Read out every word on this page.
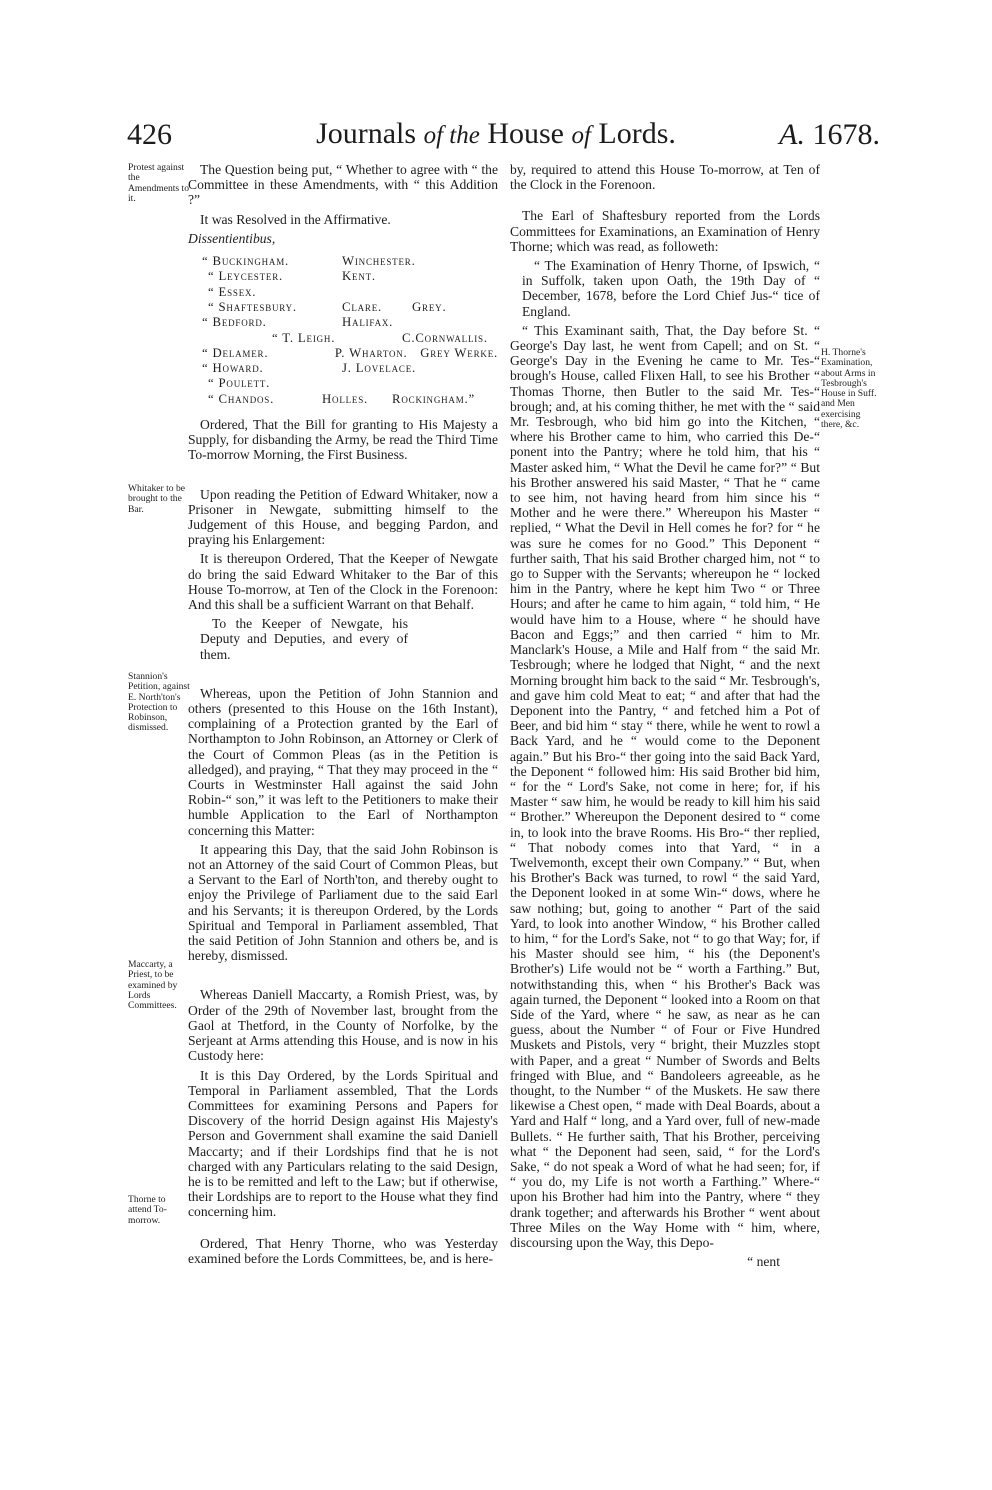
426	Journals of the House of Lords.	A. 1678.
Protest against the Amendments to it.
Whitaker to be brought to the Bar.
Stannion's Petition, against E. North'ton's Protection to Robinson, dismissed.
Maccarty, a Priest, to be examined by Lords Committees.
Thorne to attend To-morrow.
H. Thorne's Examination, about Arms in Tesbrough's House in Suff. and Men exercising there, &c.

The Question being put, “ Whether to agree with “ the Committee in these Amendments, with “ this Addition ?”

It was Resolved in the Affirmative.

Dissentientibus,

“ Buckingham.	Winchester.
“ Leycester.	Kent.
“ Essex.
“ Shaftesbury.	Clare.	Grey.
“ Bedford.	Halifax.
“ T. Leigh.	C.Cornwallis.
“ Delamer.	P. Wharton. Grey Werke.
“ Howard.	J. Lovelace.
“ Poulett.
“ Chandos.	Holles.	Rockingham.”

Ordered, That the Bill for granting to His Majesty a Supply, for disbanding the Army, be read the Third Time To-morrow Morning, the First Business.

Upon reading the Petition of Edward Whitaker, now a Prisoner in Newgate, submitting himself to the Judgement of this House, and begging Pardon, and praying his Enlargement:

It is thereupon Ordered, That the Keeper of Newgate do bring the said Edward Whitaker to the Bar of this House To-morrow, at Ten of the Clock in the Forenoon: And this shall be a sufficient Warrant on that Behalf.

To the Keeper of Newgate, his Deputy and Deputies, and every of them.

Whereas, upon the Petition of John Stannion and others (presented to this House on the 16th Instant), complaining of a Protection granted by the Earl of Northampton to John Robinson, an Attorney or Clerk of the Court of Common Pleas (as in the Petition is alledged), and praying, “ That they may proceed in the “ Courts in Westminster Hall against the said John Robin-“ son,” it was left to the Petitioners to make their humble Application to the Earl of Northampton concerning this Matter:

It appearing this Day, that the said John Robinson is not an Attorney of the said Court of Common Pleas, but a Servant to the Earl of North'ton, and thereby ought to enjoy the Privilege of Parliament due to the said Earl and his Servants; it is thereupon Ordered, by the Lords Spiritual and Temporal in Parliament assembled, That the said Petition of John Stannion and others be, and is hereby, dismissed.

Whereas Daniell Maccarty, a Romish Priest, was, by Order of the 29th of November last, brought from the Gaol at Thetford, in the County of Norfolke, by the Serjeant at Arms attending this House, and is now in his Custody here:

It is this Day Ordered, by the Lords Spiritual and Temporal in Parliament assembled, That the Lords Committees for examining Persons and Papers for Discovery of the horrid Design against His Majesty's Person and Government shall examine the said Daniell Maccarty; and if their Lordships find that he is not charged with any Particulars relating to the said Design, he is to be remitted and left to the Law; but if otherwise, their Lordships are to report to the House what they find concerning him.

Ordered, That Henry Thorne, who was Yesterday examined before the Lords Committees, be, and is here-

by, required to attend this House To-morrow, at Ten of the Clock in the Forenoon.

The Earl of Shaftesbury reported from the Lords Committees for Examinations, an Examination of Henry Thorne; which was read, as followeth:

“ The Examination of Henry Thorne, of Ipswich, “ in Suffolk, taken upon Oath, the 19th Day of “ December, 1678, before the Lord Chief Jus-“ tice of England.

“ This Examinant saith, That, the Day before St. “ George's Day last, he went from Capell; and on St. “ George's Day in the Evening he came to Mr. Tes-“ brough's House, called Flixen Hall, to see his Brother “ Thomas Thorne, then Butler to the said Mr. Tes-“ brough; and, at his coming thither, he met with the “ said Mr. Tesbrough, who bid him go into the Kitchen, “ where his Brother came to him, who carried this De-“ ponent into the Pantry; where he told him, that his “ Master asked him, “ What the Devil he came for?” “ But his Brother answered his said Master, “ That he “ came to see him, not having heard from him since his “ Mother and he were there.” Whereupon his Master “ replied, “ What the Devil in Hell comes he for? for “ he was sure he comes for no Good.” This Deponent “ further saith, That his said Brother charged him, not “ to go to Supper with the Servants; whereupon he “ locked him in the Pantry, where he kept him Two “ or Three Hours; and after he came to him again, “ told him, “ He would have him to a House, where “ he should have Bacon and Eggs;” and then carried “ him to Mr. Manclark's House, a Mile and Half from “ the said Mr. Tesbrough; where he lodged that Night, “ and the next Morning brought him back to the said “ Mr. Tesbrough's, and gave him cold Meat to eat; “ and after that had the Deponent into the Pantry, “ and fetched him a Pot of Beer, and bid him “ stay “ there, while he went to rowl a Back Yard, and he “ would come to the Deponent again.” But his Bro-“ ther going into the said Back Yard, the Deponent “ followed him: His said Brother bid him, “ for the “ Lord's Sake, not come in here; for, if his Master “ saw him, he would be ready to kill him his said “ Brother.” Whereupon the Deponent desired to “ come in, to look into the brave Rooms. His Bro-“ ther replied, “ That nobody comes into that Yard, “ in a Twelvemonth, except their own Company.” “ But, when his Brother's Back was turned, to rowl “ the said Yard, the Deponent looked in at some Win-“ dows, where he saw nothing; but, going to another “ Part of the said Yard, to look into another Window, “ his Brother called to him, “ for the Lord's Sake, not “ to go that Way; for, if his Master should see him, “ his (the Deponent's Brother's) Life would not be “ worth a Farthing.” But, notwithstanding this, when “ his Brother's Back was again turned, the Deponent “ looked into a Room on that Side of the Yard, where “ he saw, as near as he can guess, about the Number “ of Four or Five Hundred Muskets and Pistols, very “ bright, their Muzzles stopt with Paper, and a great “ Number of Swords and Belts fringed with Blue, and “ Bandoleers agreeable, as he thought, to the Number “ of the Muskets. He saw there likewise a Chest open, “ made with Deal Boards, about a Yard and Half “ long, and a Yard over, full of new-made Bullets. “ He further saith, That his Brother, perceiving what “ the Deponent had seen, said, “ for the Lord's Sake, “ do not speak a Word of what he had seen; for, if “ you do, my Life is not worth a Farthing.” Where-“ upon his Brother had him into the Pantry, where “ they drank together; and afterwards his Brother “ went about Three Miles on the Way Home with “ him, where, discoursing upon the Way, this Depo-

“ nent
